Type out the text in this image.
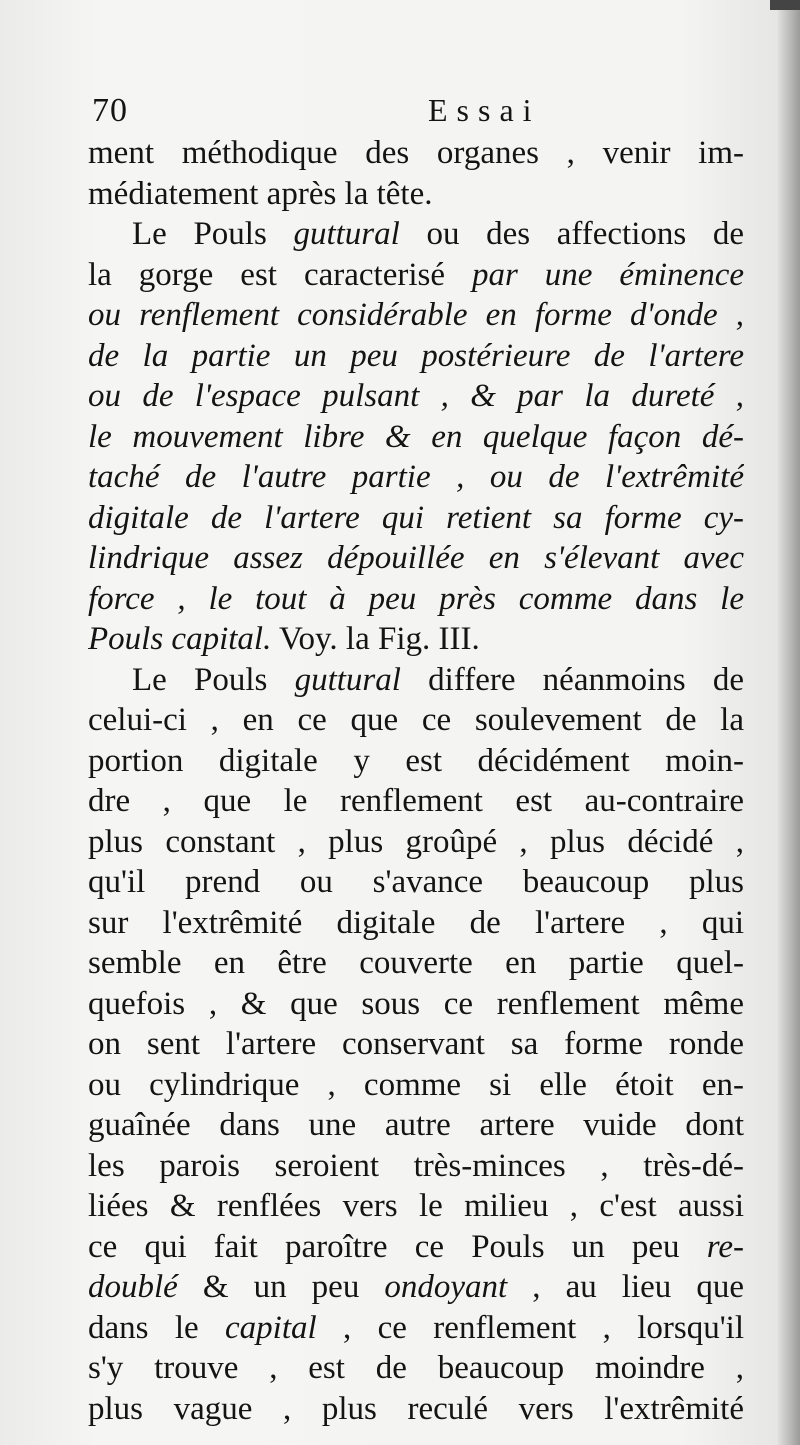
70	Essai
ment méthodique des organes , venir im-
médiatement après la tête.
Le Pouls guttural ou des affections de
la gorge est caracterisé par une éminence
ou renflement considérable en forme d'onde ,
de la partie un peu postérieure de l'artere
ou de l'espace pulsant , & par la dureté ,
le mouvement libre & en quelque façon dé-
taché de l'autre partie , ou de l'extrêmité
digitale de l'artere qui retient sa forme cy-
lindrique assez dépouillée en s'élevant avec
force , le tout à peu près comme dans le
Pouls capital. Voy. la Fig. III.
Le Pouls guttural differe néanmoins de
celui-ci , en ce que ce soulevement de la
portion digitale y est décidément moin-
dre , que le renflement est au-contraire
plus constant , plus groûpé , plus décidé ,
qu'il prend ou s'avance beaucoup plus
sur l'extrêmité digitale de l'artere , qui
semble en être couverte en partie quel-
quefois , & que sous ce renflement même
on sent l'artere conservant sa forme ronde
ou cylindrique , comme si elle étoit en-
guaînée dans une autre artere vuide dont
les parois seroient très-minces , très-dé-
liées & renflées vers le milieu , c'est aussi
ce qui fait paroître ce Pouls un peu re-
doublé & un peu ondoyant , au lieu que
dans le capital , ce renflement , lorsqu'il
s'y trouve , est de beaucoup moindre ,
plus vague , plus reculé vers l'extrêmité
